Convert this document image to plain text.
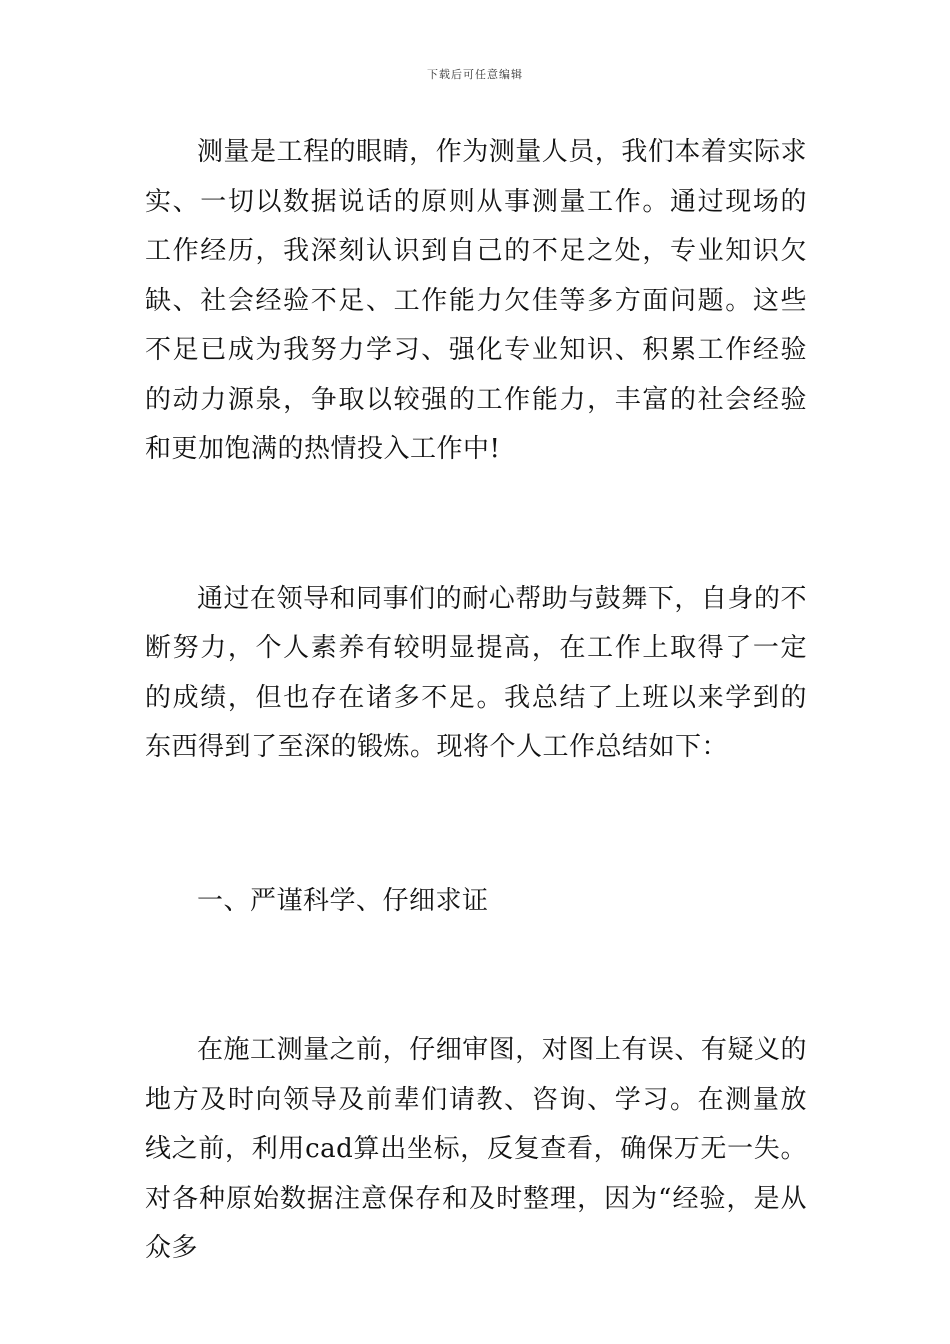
下载后可任意编辑

测量是工程的眼睛，作为测量人员，我们本着实际求实、一切以数据说话的原则从事测量工作。通过现场的工作经历，我深刻认识到自己的不足之处，专业知识欠缺、社会经验不足、工作能力欠佳等多方面问题。这些不足已成为我努力学习、强化专业知识、积累工作经验的动力源泉，争取以较强的工作能力，丰富的社会经验和更加饱满的热情投入工作中!

通过在领导和同事们的耐心帮助与鼓舞下，自身的不断努力，个人素养有较明显提高，在工作上取得了一定的成绩，但也存在诸多不足。我总结了上班以来学到的东西得到了至深的锻炼。现将个人工作总结如下：

一、严谨科学、仔细求证

在施工测量之前，仔细审图，对图上有误、有疑义的地方及时向领导及前辈们请教、咨询、学习。在测量放线之前，利用cad算出坐标，反复查看，确保万无一失。对各种原始数据注意保存和及时整理，因为“经验，是从众多
